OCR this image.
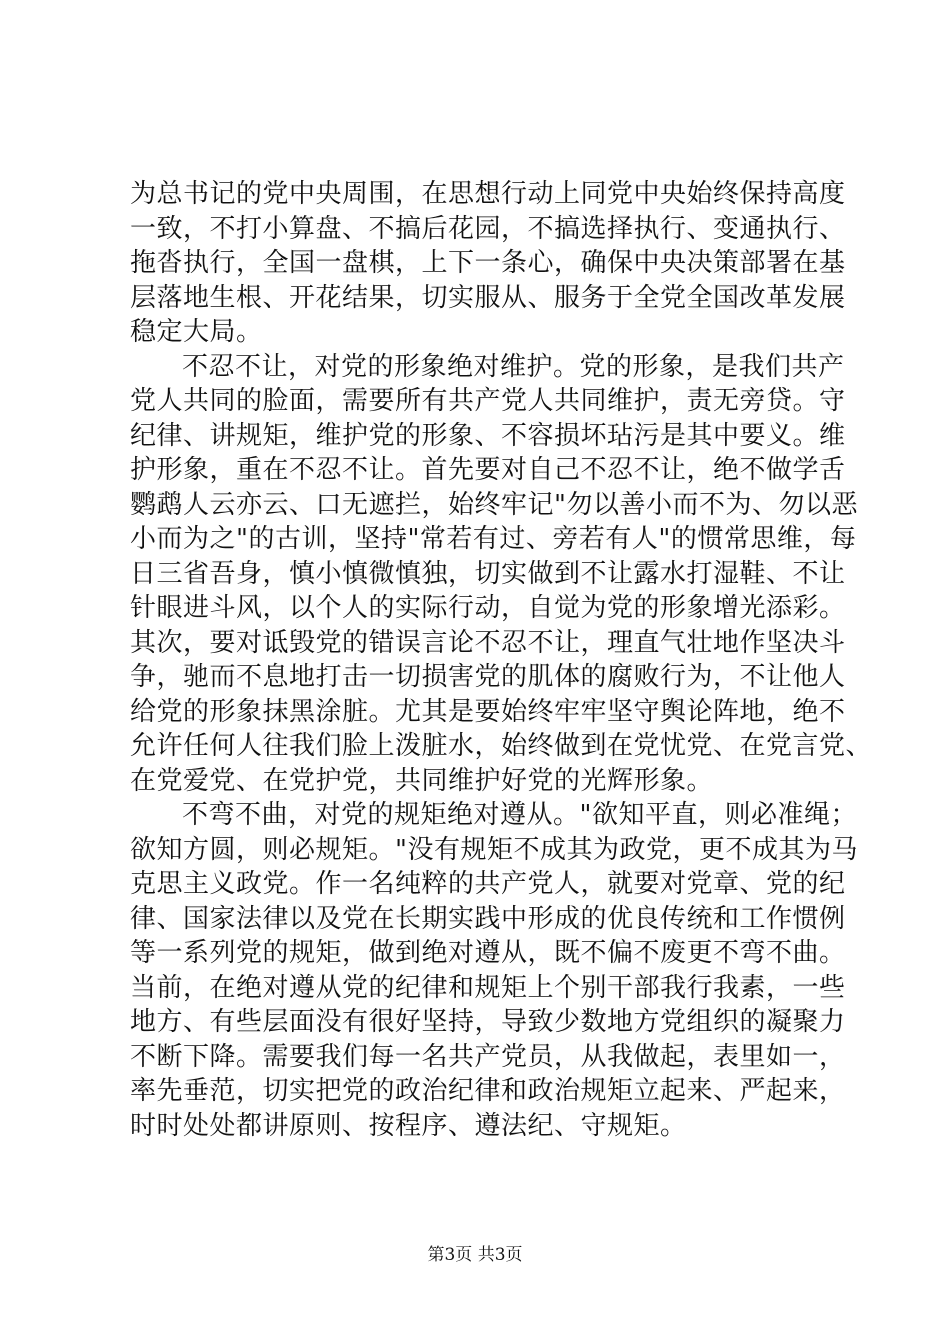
为总书记的党中央周围，在思想行动上同党中央始终保持高度
一致，不打小算盘、不搞后花园，不搞选择执行、变通执行、
拖沓执行，全国一盘棋，上下一条心，确保中央决策部署在基
层落地生根、开花结果，切实服从、服务于全党全国改革发展
稳定大局。
不忍不让，对党的形象绝对维护。党的形象，是我们共产
党人共同的脸面，需要所有共产党人共同维护，责无旁贷。守
纪律、讲规矩，维护党的形象、不容损坏玷污是其中要义。维
护形象，重在不忍不让。首先要对自己不忍不让，绝不做学舌
鹦鹉人云亦云、口无遮拦，始终牢记"勿以善小而不为、勿以恶
小而为之"的古训，坚持"常若有过、旁若有人"的惯常思维，每
日三省吾身，慎小慎微慎独，切实做到不让露水打湿鞋、不让
针眼进斗风，以个人的实际行动，自觉为党的形象增光添彩。
其次，要对诋毁党的错误言论不忍不让，理直气壮地作坚决斗
争，驰而不息地打击一切损害党的肌体的腐败行为，不让他人
给党的形象抹黑涂脏。尤其是要始终牢牢坚守舆论阵地，绝不
允许任何人往我们脸上泼脏水，始终做到在党忧党、在党言党、
在党爱党、在党护党，共同维护好党的光辉形象。
不弯不曲，对党的规矩绝对遵从。"欲知平直，则必准绳；
欲知方圆，则必规矩。"没有规矩不成其为政党，更不成其为马
克思主义政党。作一名纯粹的共产党人，就要对党章、党的纪
律、国家法律以及党在长期实践中形成的优良传统和工作惯例
等一系列党的规矩，做到绝对遵从，既不偏不废更不弯不曲。
当前，在绝对遵从党的纪律和规矩上个别干部我行我素，一些
地方、有些层面没有很好坚持，导致少数地方党组织的凝聚力
不断下降。需要我们每一名共产党员，从我做起，表里如一，
率先垂范，切实把党的政治纪律和政治规矩立起来、严起来，
时时处处都讲原则、按程序、遵法纪、守规矩。
第3页 共3页
